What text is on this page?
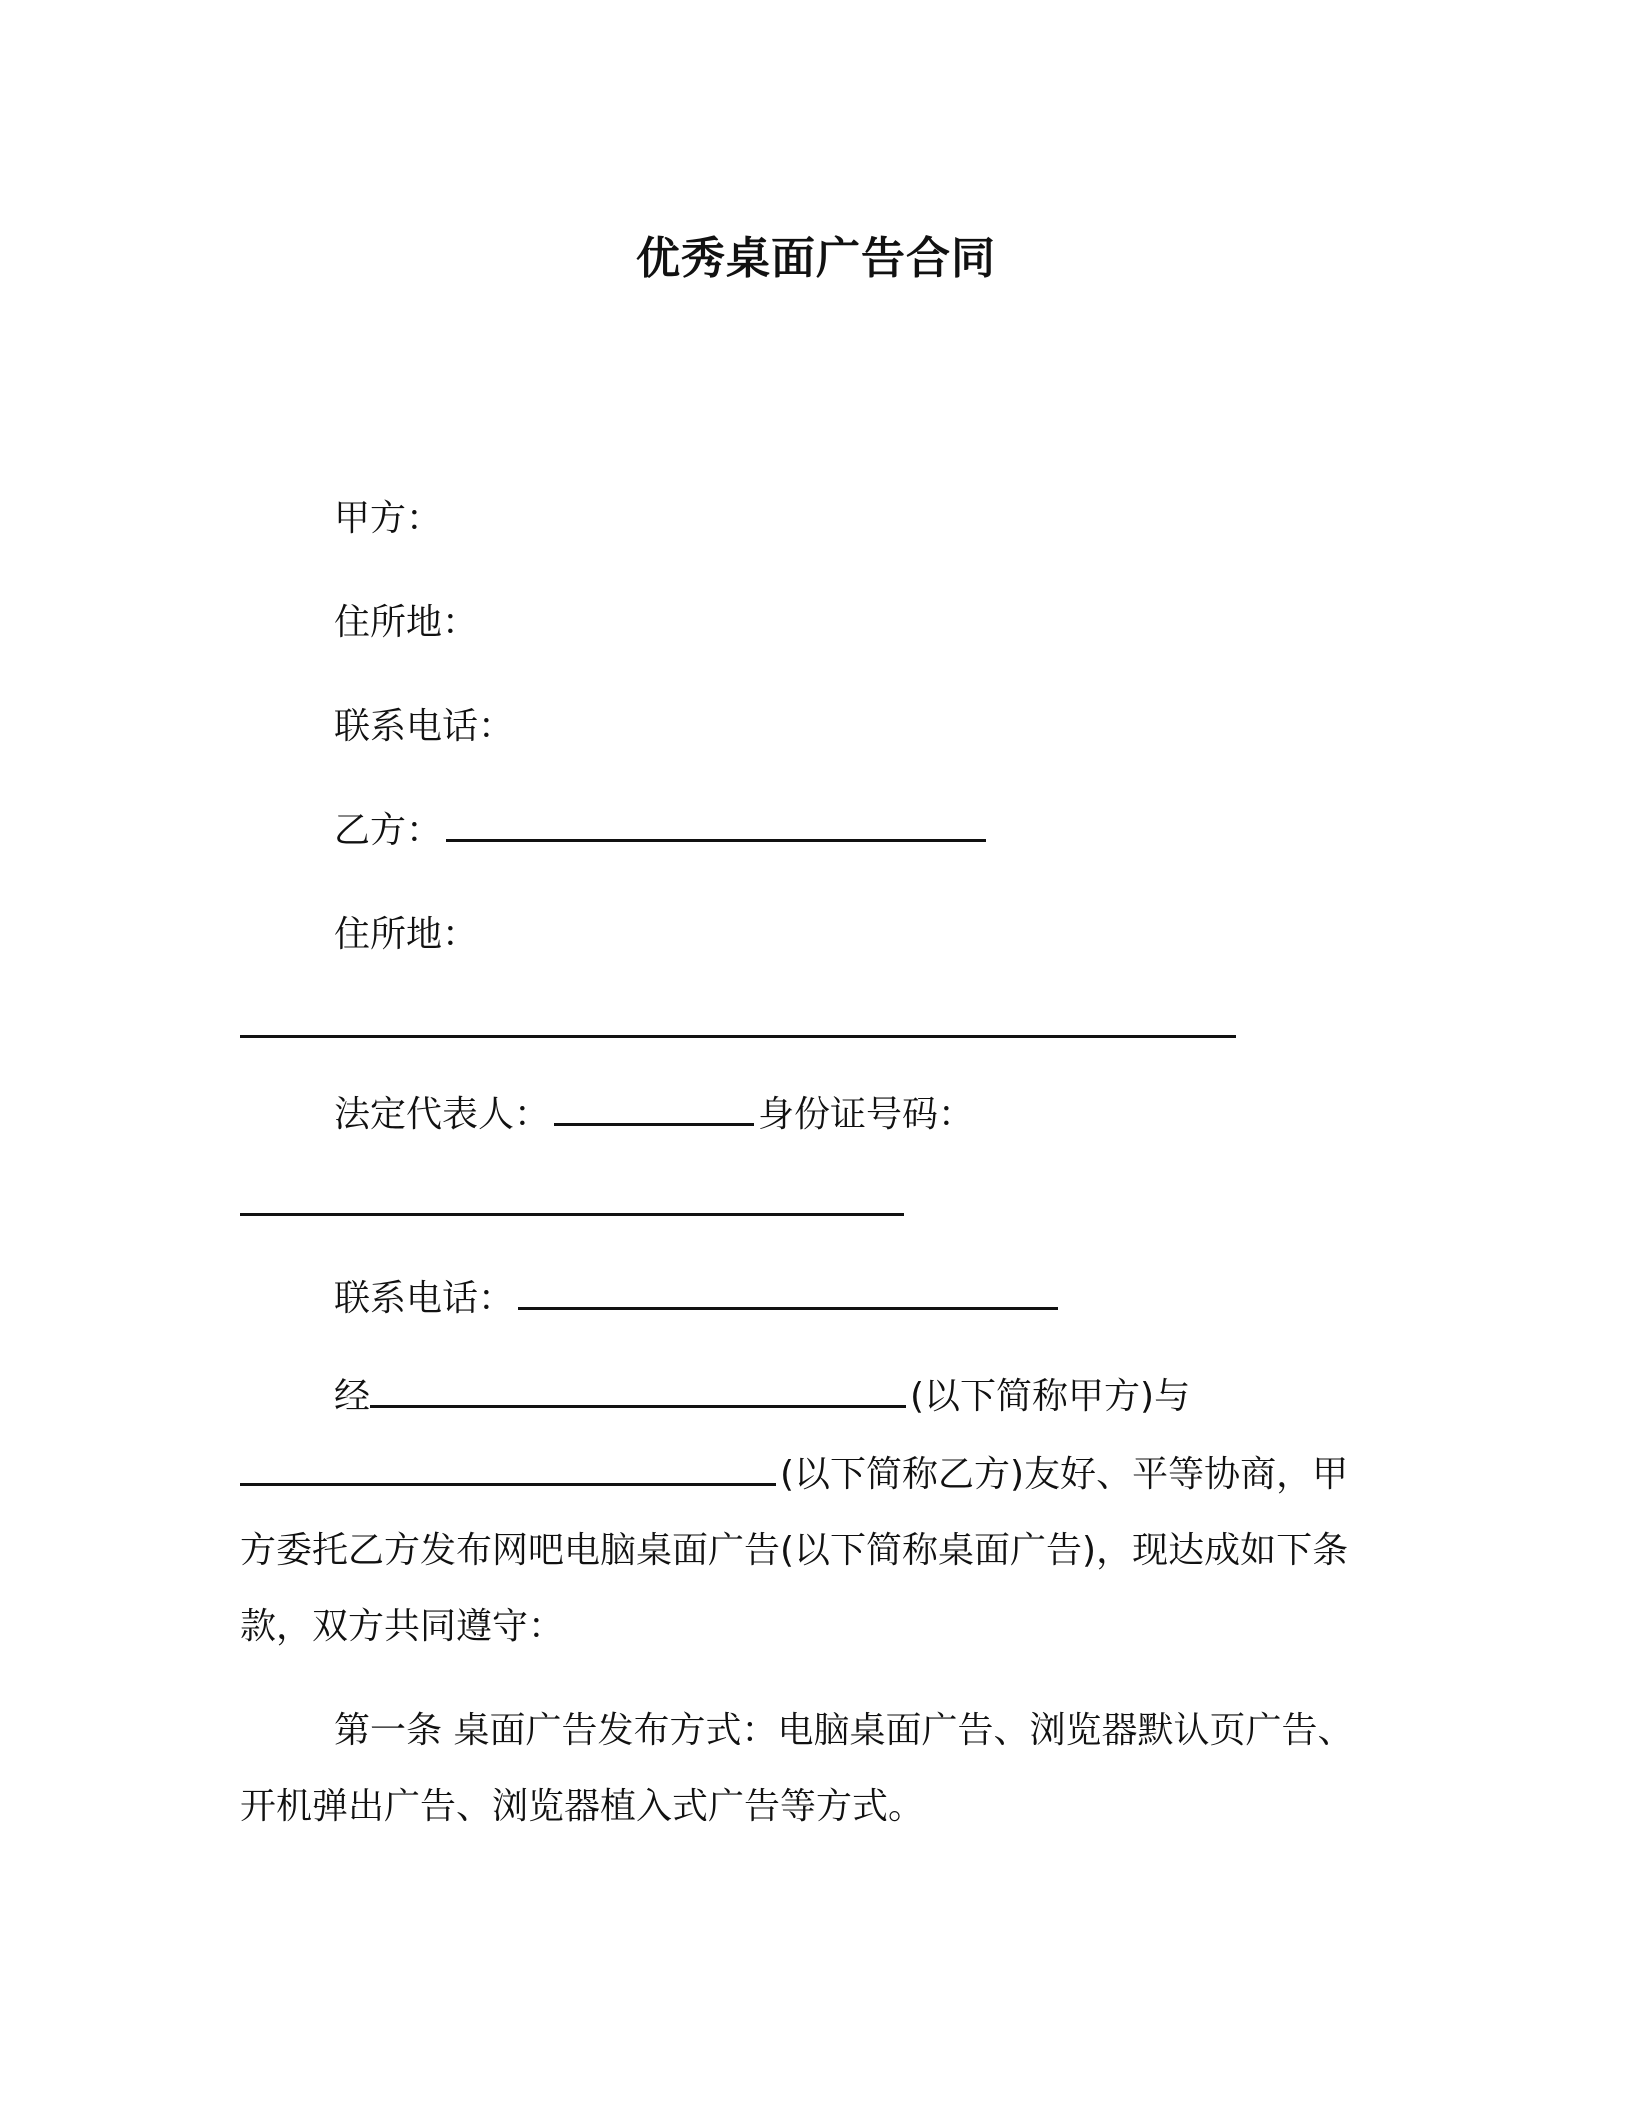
优秀桌面广告合同
甲方：
住所地：
联系电话：
乙方：
住所地：
法定代表人：	身份证号码：
联系电话：
经	(以下简称甲方)与
(以下简称乙方)友好、平等协商，甲
方委托乙方发布网吧电脑桌面广告(以下简称桌面广告)，现达成如下条
款，双方共同遵守：
第一条 桌面广告发布方式：电脑桌面广告、浏览器默认页广告、
开机弹出广告、浏览器植入式广告等方式。
